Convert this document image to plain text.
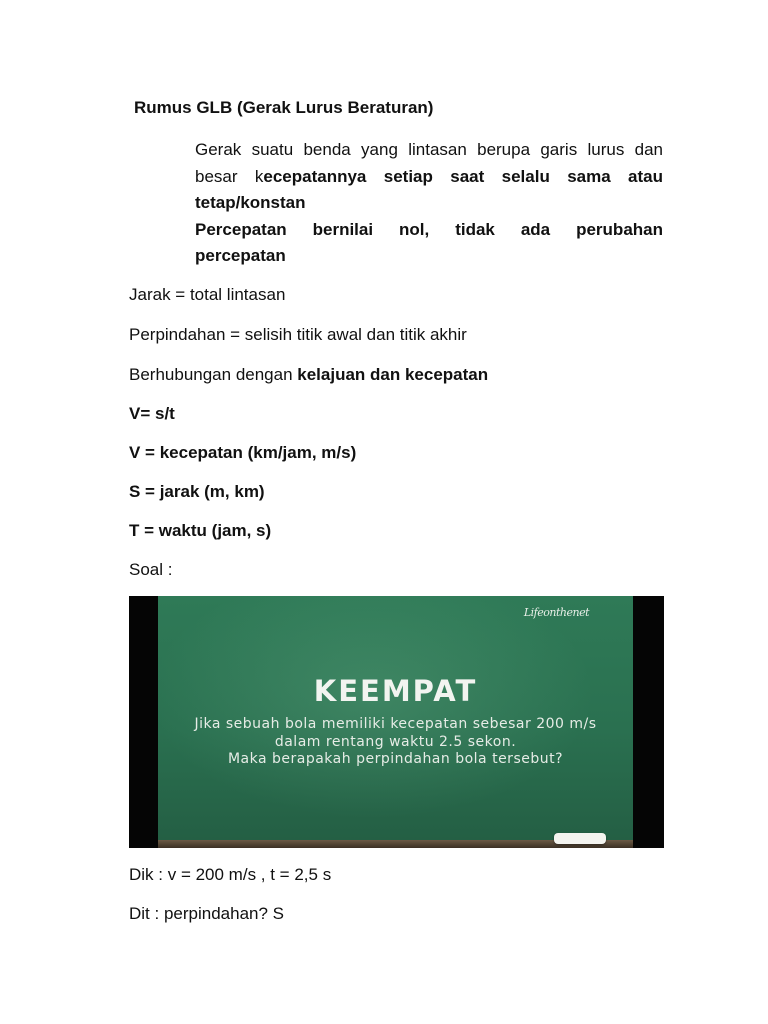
Rumus GLB (Gerak Lurus Beraturan)
Gerak suatu benda yang lintasan berupa garis lurus dan
besar kecepatannya setiap saat selalu sama atau
tetap/konstan
Percepatan bernilai nol, tidak ada perubahan
percepatan
Jarak = total lintasan
Perpindahan = selisih titik awal dan titik akhir
Berhubungan dengan kelajuan dan kecepatan
V= s/t
V = kecepatan (km/jam, m/s)
S = jarak (m, km)
T = waktu (jam, s)
Soal :
Lifeonthenet
KEEMPAT
Jika sebuah bola memiliki kecepatan sebesar 200 m/s
dalam rentang waktu 2.5 sekon.
Maka berapakah perpindahan bola tersebut?
Dik : v = 200 m/s , t = 2,5 s
Dit : perpindahan? S
